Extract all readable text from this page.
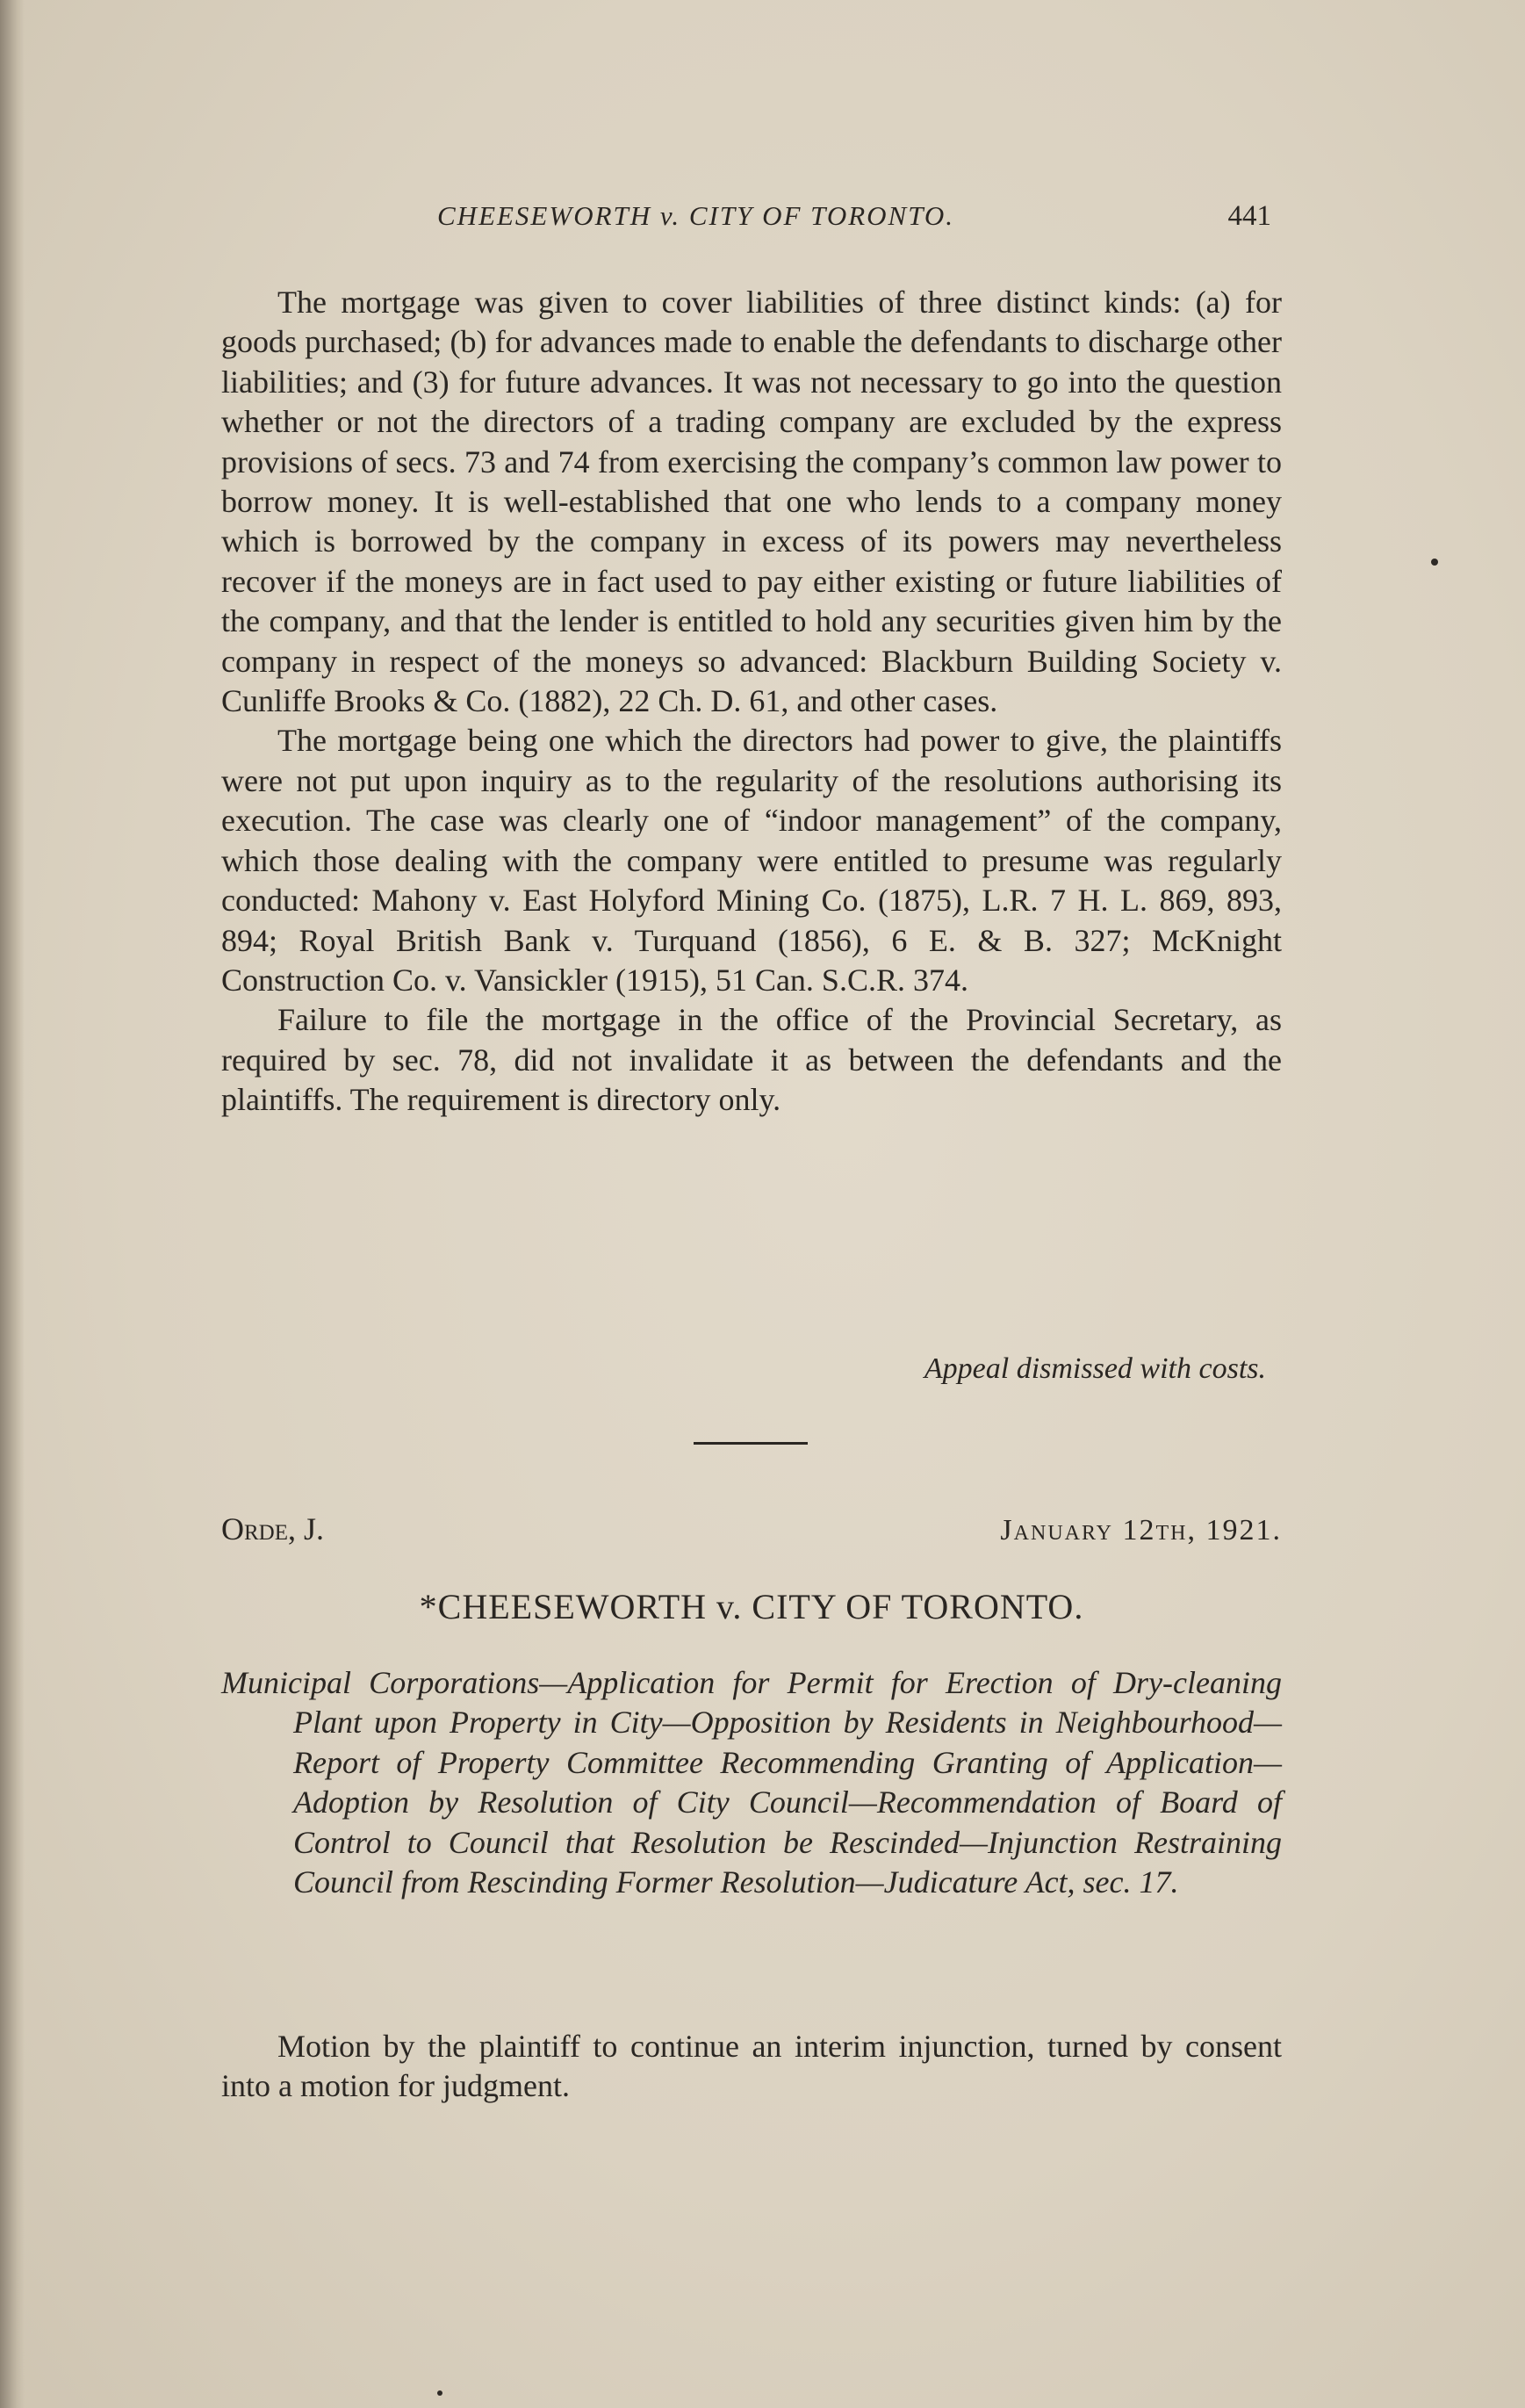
CHEESEWORTH v. CITY OF TORONTO.	441

The mortgage was given to cover liabilities of three distinct kinds: (a) for goods purchased; (b) for advances made to enable the defendants to discharge other liabilities; and (3) for future advances. It was not necessary to go into the question whether or not the directors of a trading company are excluded by the express provisions of secs. 73 and 74 from exercising the company’s common law power to borrow money. It is well-established that one who lends to a company money which is borrowed by the company in excess of its powers may nevertheless recover if the moneys are in fact used to pay either existing or future liabilities of the company, and that the lender is entitled to hold any securities given him by the company in respect of the moneys so advanced: Blackburn Building Society v. Cunliffe Brooks & Co. (1882), 22 Ch. D. 61, and other cases.

The mortgage being one which the directors had power to give, the plaintiffs were not put upon inquiry as to the regularity of the resolutions authorising its execution. The case was clearly one of “indoor management” of the company, which those dealing with the company were entitled to presume was regularly conducted: Mahony v. East Holyford Mining Co. (1875), L.R. 7 H. L. 869, 893, 894; Royal British Bank v. Turquand (1856), 6 E. & B. 327; McKnight Construction Co. v. Vansickler (1915), 51 Can. S.C.R. 374.

Failure to file the mortgage in the office of the Provincial Secretary, as required by sec. 78, did not invalidate it as between the defendants and the plaintiffs. The requirement is directory only.

Appeal dismissed with costs.
Orde, J.	January 12th, 1921.
*CHEESEWORTH v. CITY OF TORONTO.

Municipal Corporations—Application for Permit for Erection of Dry-cleaning Plant upon Property in City—Opposition by Residents in Neighbourhood—Report of Property Committee Recommending Granting of Application—Adoption by Resolution of City Council—Recommendation of Board of Control to Council that Resolution be Rescinded—Injunction Restraining Council from Rescinding Former Resolution—Judicature Act, sec. 17.

Motion by the plaintiff to continue an interim injunction, turned by consent into a motion for judgment.
